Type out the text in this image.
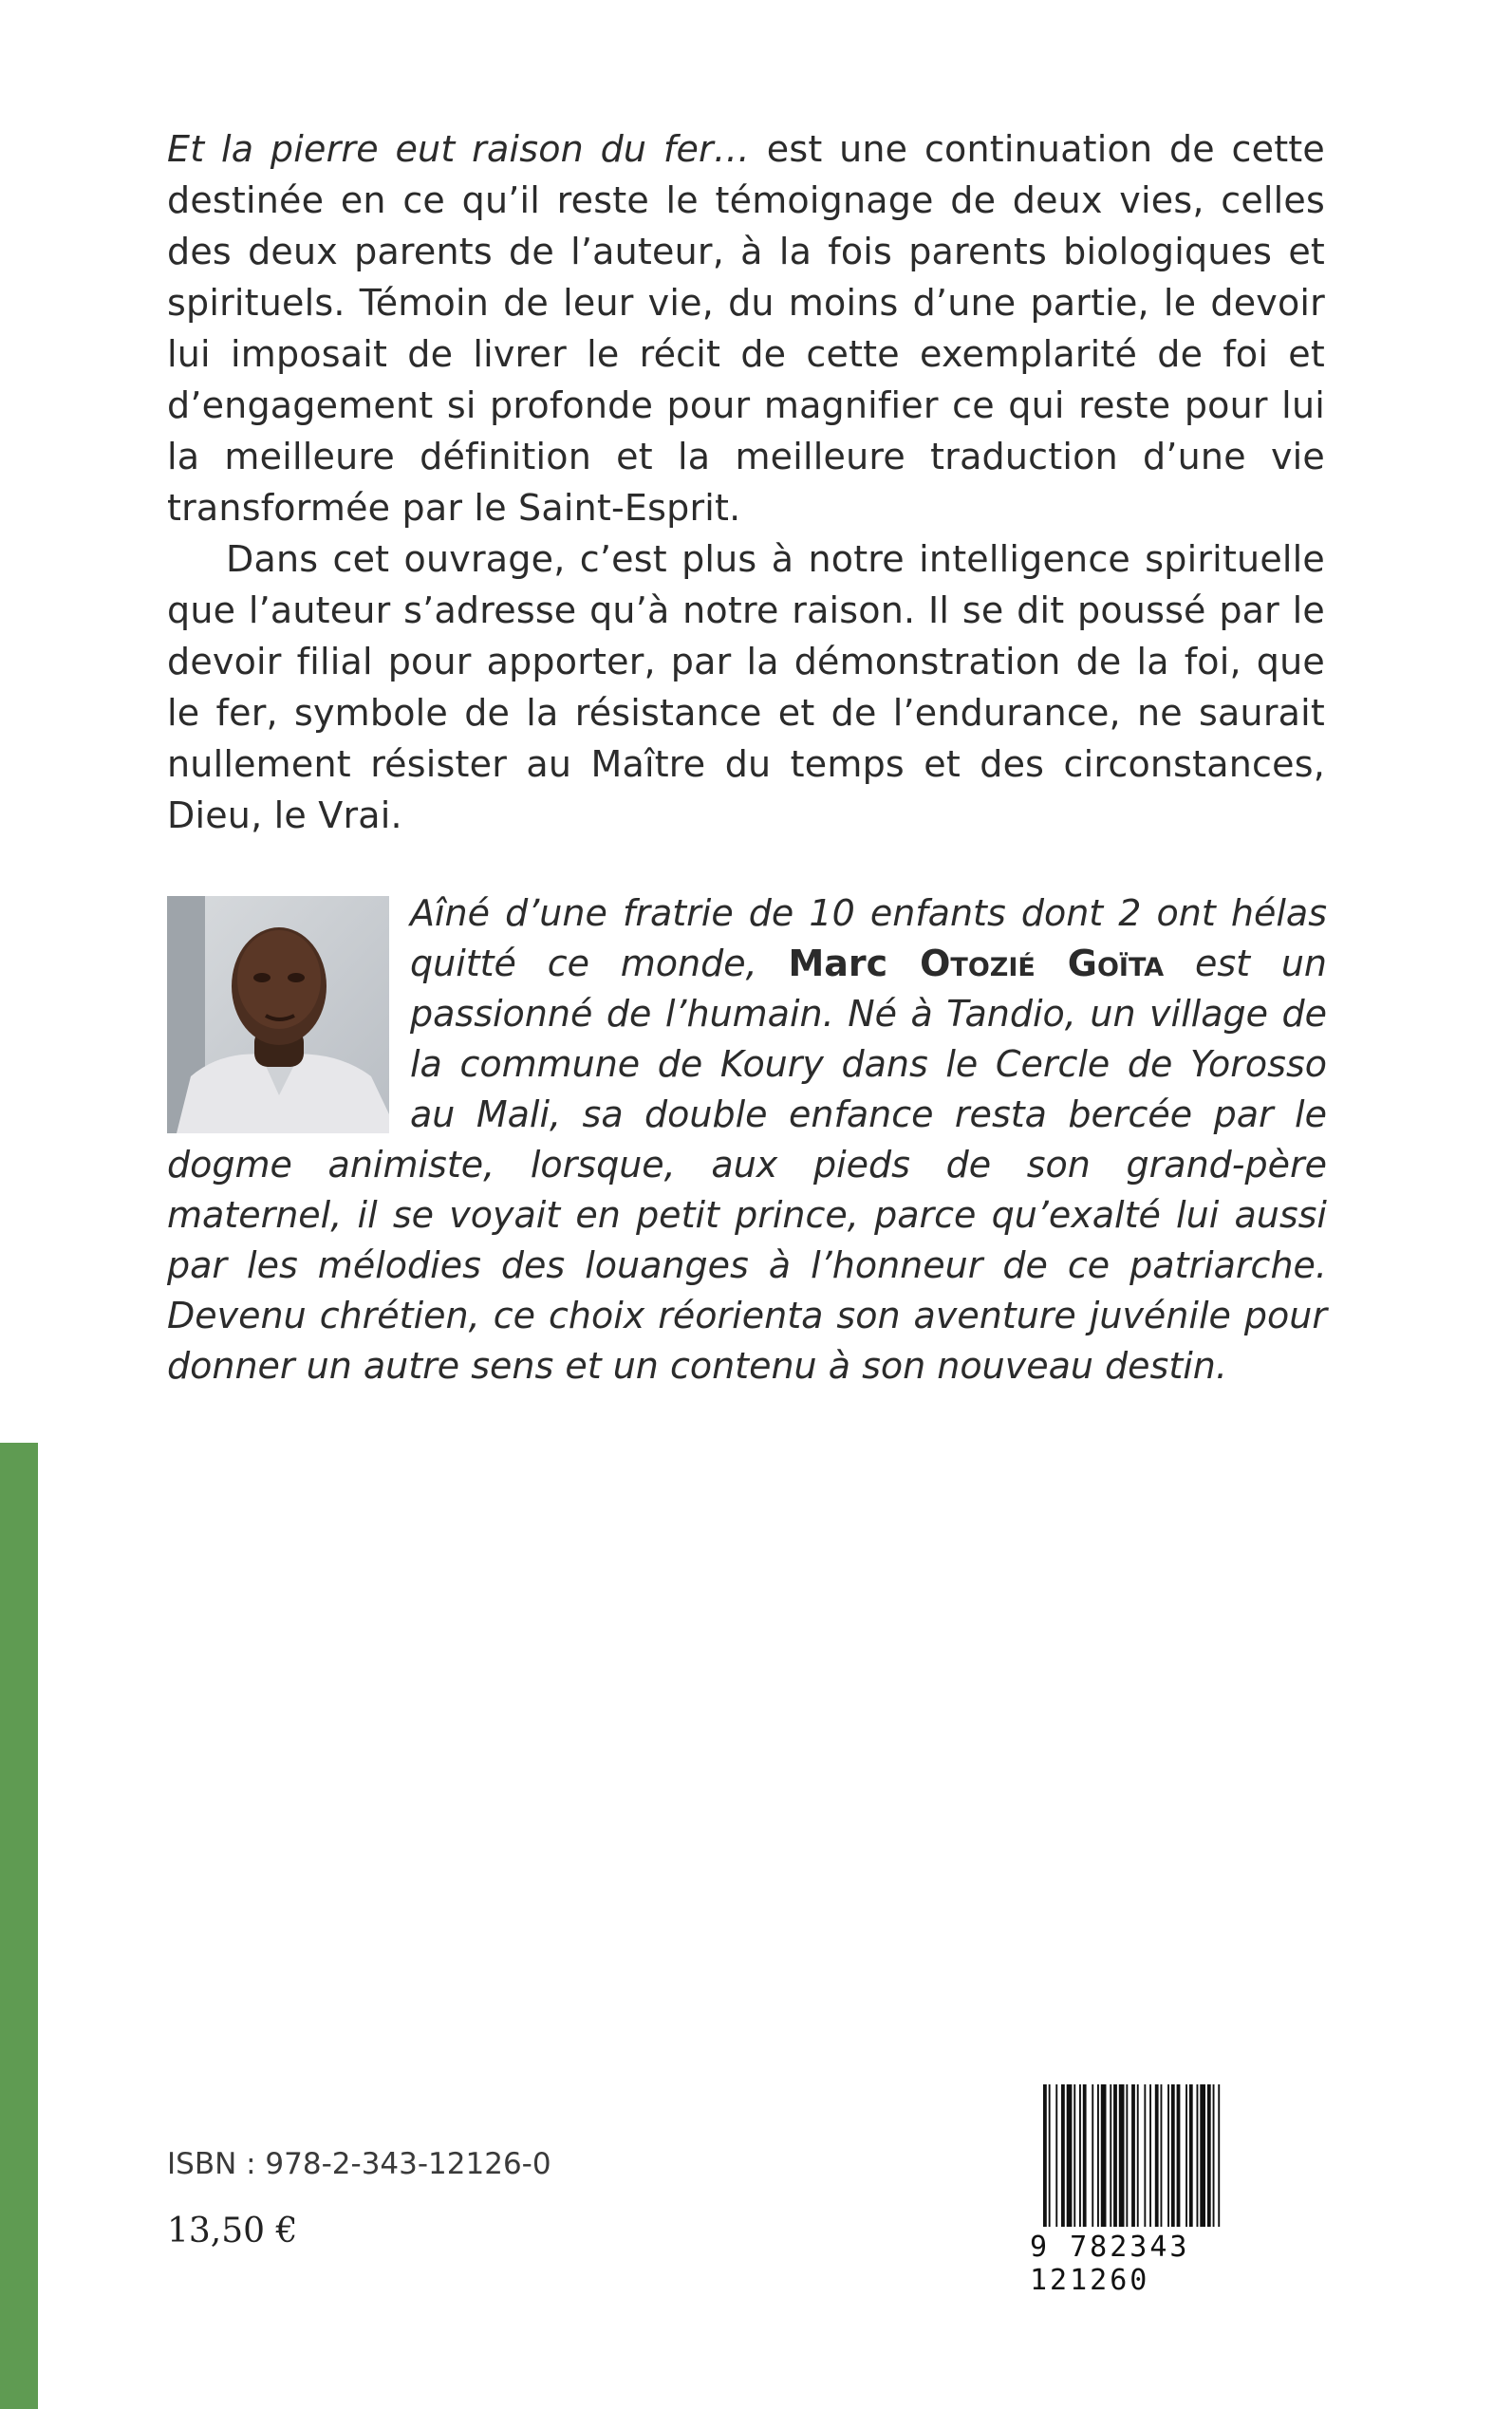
Et la pierre eut raison du fer… est une continuation de cette destinée en ce qu’il reste le témoignage de deux vies, celles des deux parents de l’auteur, à la fois parents biologiques et spirituels. Témoin de leur vie, du moins d’une partie, le devoir lui imposait de livrer le récit de cette exemplarité de foi et d’engagement si profonde pour magnifier ce qui reste pour lui la meilleure définition et la meilleure traduction d’une vie transformée par le Saint-Esprit.

Dans cet ouvrage, c’est plus à notre intelligence spirituelle que l’auteur s’adresse qu’à notre raison. Il se dit poussé par le devoir filial pour apporter, par la démonstration de la foi, que le fer, symbole de la résistance et de l’endurance, ne saurait nullement résister au Maître du temps et des circonstances, Dieu, le Vrai.

Aîné d’une fratrie de 10 enfants dont 2 ont hélas quitté ce monde, Marc Otozié Goïta est un passionné de l’humain. Né à Tandio, un village de la commune de Koury dans le Cercle de Yorosso au Mali, sa double enfance resta bercée par le dogme animiste, lorsque, aux pieds de son grand-père maternel, il se voyait en petit prince, parce qu’exalté lui aussi par les mélodies des louanges à l’honneur de ce patriarche. Devenu chrétien, ce choix réorienta son aventure juvénile pour donner un autre sens et un contenu à son nouveau destin.

ISBN : 978-2-343-12126-0
13,50 €	9 782343 121260
